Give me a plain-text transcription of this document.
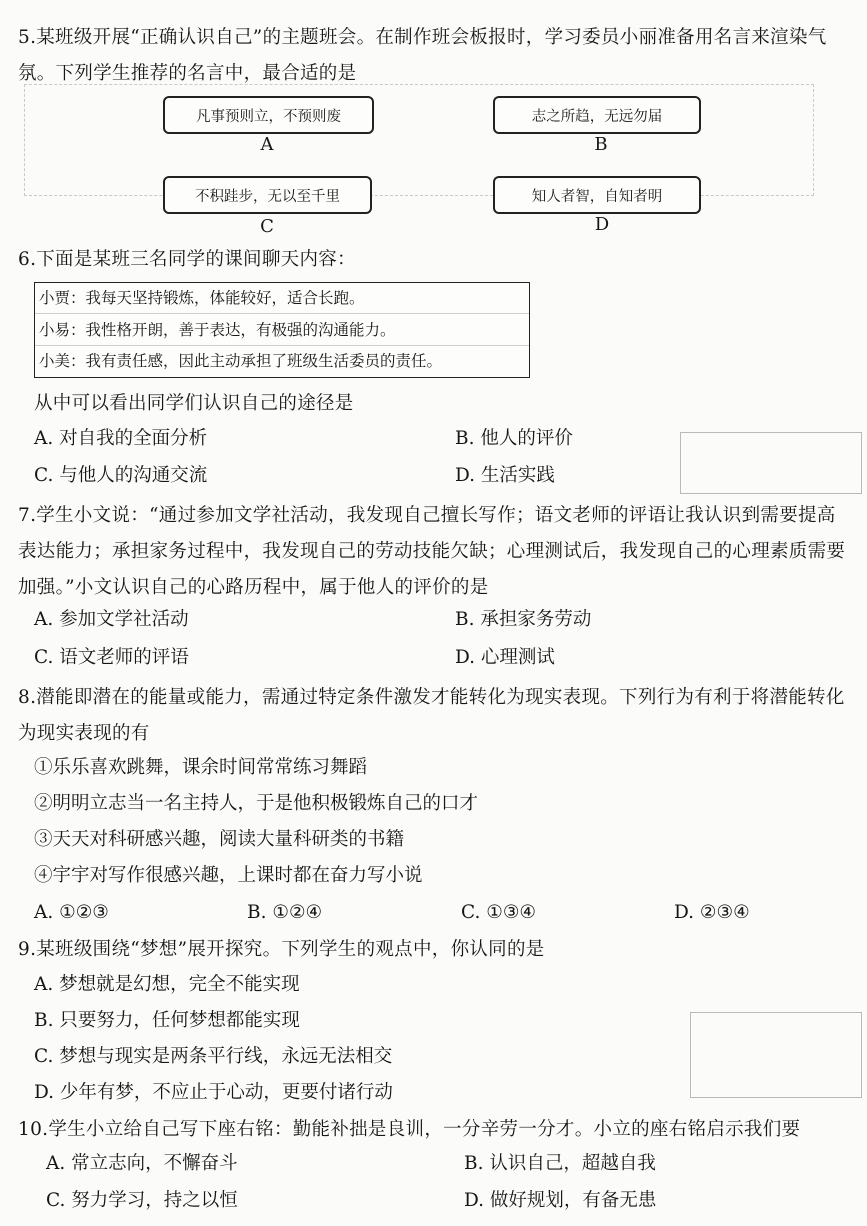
5.某班级开展“正确认识自己”的主题班会。在制作班会板报时，学习委员小丽准备用名言来渲染气氛。下列学生推荐的名言中，最合适的是
凡事预则立，不预则废
A
志之所趋，无远勿届
B
不积跬步，无以至千里
C
知人者智，自知者明
D
6.下面是某班三名同学的课间聊天内容：
小贾：我每天坚持锻炼，体能较好，适合长跑。
小易：我性格开朗，善于表达，有极强的沟通能力。
小美：我有责任感，因此主动承担了班级生活委员的责任。
从中可以看出同学们认识自己的途径是
A. 对自我的全面分析	B. 他人的评价
C. 与他人的沟通交流	D. 生活实践
7.学生小文说：“通过参加文学社活动，我发现自己擅长写作；语文老师的评语让我认识到需要提高表达能力；承担家务过程中，我发现自己的劳动技能欠缺；心理测试后，我发现自己的心理素质需要加强。”小文认识自己的心路历程中，属于他人的评价的是
A. 参加文学社活动	B. 承担家务劳动
C. 语文老师的评语	D. 心理测试
8.潜能即潜在的能量或能力，需通过特定条件激发才能转化为现实表现。下列行为有利于将潜能转化为现实表现的有
①乐乐喜欢跳舞，课余时间常常练习舞蹈
②明明立志当一名主持人，于是他积极锻炼自己的口才
③天天对科研感兴趣，阅读大量科研类的书籍
④宇宇对写作很感兴趣，上课时都在奋力写小说
A. ①②③	B. ①②④	C. ①③④	D. ②③④
9.某班级围绕“梦想”展开探究。下列学生的观点中，你认同的是
A. 梦想就是幻想，完全不能实现
B. 只要努力，任何梦想都能实现
C. 梦想与现实是两条平行线，永远无法相交
D. 少年有梦，不应止于心动，更要付诸行动
10.学生小立给自己写下座右铭：勤能补拙是良训，一分辛劳一分才。小立的座右铭启示我们要
A. 常立志向，不懈奋斗	B. 认识自己，超越自我
C. 努力学习，持之以恒	D. 做好规划，有备无患
